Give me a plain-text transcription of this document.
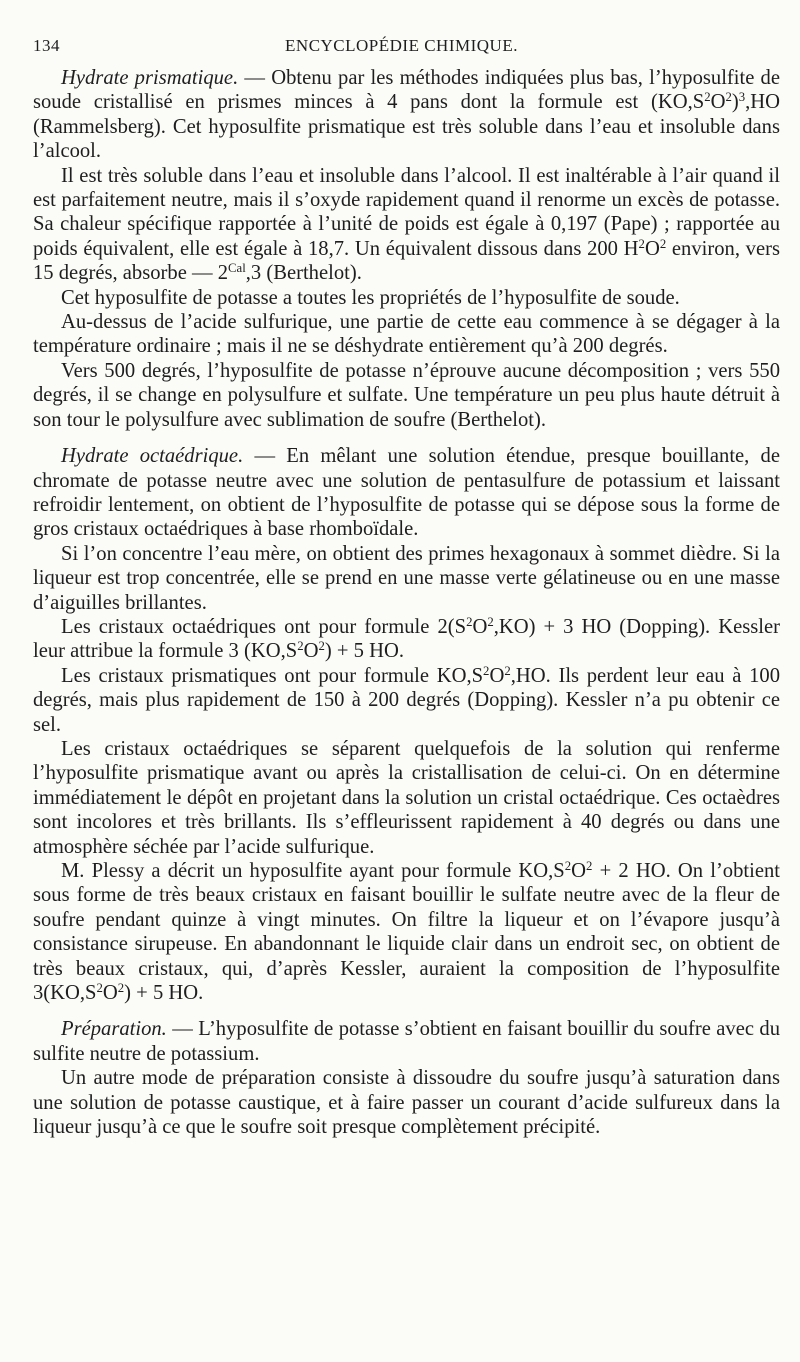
134	ENCYCLOPÉDIE CHIMIQUE.

Hydrate prismatique. — Obtenu par les méthodes indiquées plus bas, l’hyposulfite de soude cristallisé en prismes minces à 4 pans dont la formule est $(KO,S^2O^2)^3,HO$ (Rammelsberg). Cet hyposulfite prismatique est très soluble dans l’eau et insoluble dans l’alcool.

Il est très soluble dans l’eau et insoluble dans l’alcool. Il est inaltérable à l’air quand il est parfaitement neutre, mais il s’oxyde rapidement quand il renorme un excès de potasse. Sa chaleur spécifique rapportée à l’unité de poids est égale à 0,197 (Pape) ; rapportée au poids équivalent, elle est égale à 18,7. Un équivalent dissous dans 200 $H^2O^2$ environ, vers 15 degrés, absorbe — $2^{Cal},3$ (Berthelot).

Cet hyposulfite de potasse a toutes les propriétés de l’hyposulfite de soude.

Au-dessus de l’acide sulfurique, une partie de cette eau commence à se dégager à la température ordinaire ; mais il ne se déshydrate entièrement qu’à 200 degrés.

Vers 500 degrés, l’hyposulfite de potasse n’éprouve aucune décomposition ; vers 550 degrés, il se change en polysulfure et sulfate. Une température un peu plus haute détruit à son tour le polysulfure avec sublimation de soufre (Berthelot).

Hydrate octaédrique. — En mêlant une solution étendue, presque bouillante, de chromate de potasse neutre avec une solution de pentasulfure de potassium et laissant refroidir lentement, on obtient de l’hyposulfite de potasse qui se dépose sous la forme de gros cristaux octaédriques à base rhomboïdale.

Si l’on concentre l’eau mère, on obtient des primes hexagonaux à sommet dièdre. Si la liqueur est trop concentrée, elle se prend en une masse verte gélatineuse ou en une masse d’aiguilles brillantes.

Les cristaux octaédriques ont pour formule $2(S^2O^2,KO) + 3$ HO (Dopping). Kessler leur attribue la formule 3 $(KO,S^2O^2) + 5$ HO.

Les cristaux prismatiques ont pour formule $KO,S^2O^2,HO$. Ils perdent leur eau à 100 degrés, mais plus rapidement de 150 à 200 degrés (Dopping). Kessler n’a pu obtenir ce sel.

Les cristaux octaédriques se séparent quelquefois de la solution qui renferme l’hyposulfite prismatique avant ou après la cristallisation de celui-ci. On en détermine immédiatement le dépôt en projetant dans la solution un cristal octaédrique. Ces octaèdres sont incolores et très brillants. Ils s’effleurissent rapidement à 40 degrés ou dans une atmosphère séchée par l’acide sulfurique.

M. Plessy a décrit un hyposulfite ayant pour formule $KO,S^2O^2 + 2$ HO. On l’obtient sous forme de très beaux cristaux en faisant bouillir le sulfate neutre avec de la fleur de soufre pendant quinze à vingt minutes. On filtre la liqueur et on l’évapore jusqu’à consistance sirupeuse. En abandonnant le liquide clair dans un endroit sec, on obtient de très beaux cristaux, qui, d’après Kessler, auraient la composition de l’hyposulfite $3(KO,S^2O^2) + 5$ HO.

Préparation. — L’hyposulfite de potasse s’obtient en faisant bouillir du soufre avec du sulfite neutre de potassium.

Un autre mode de préparation consiste à dissoudre du soufre jusqu’à saturation dans une solution de potasse caustique, et à faire passer un courant d’acide sulfureux dans la liqueur jusqu’à ce que le soufre soit presque complètement précipité.
